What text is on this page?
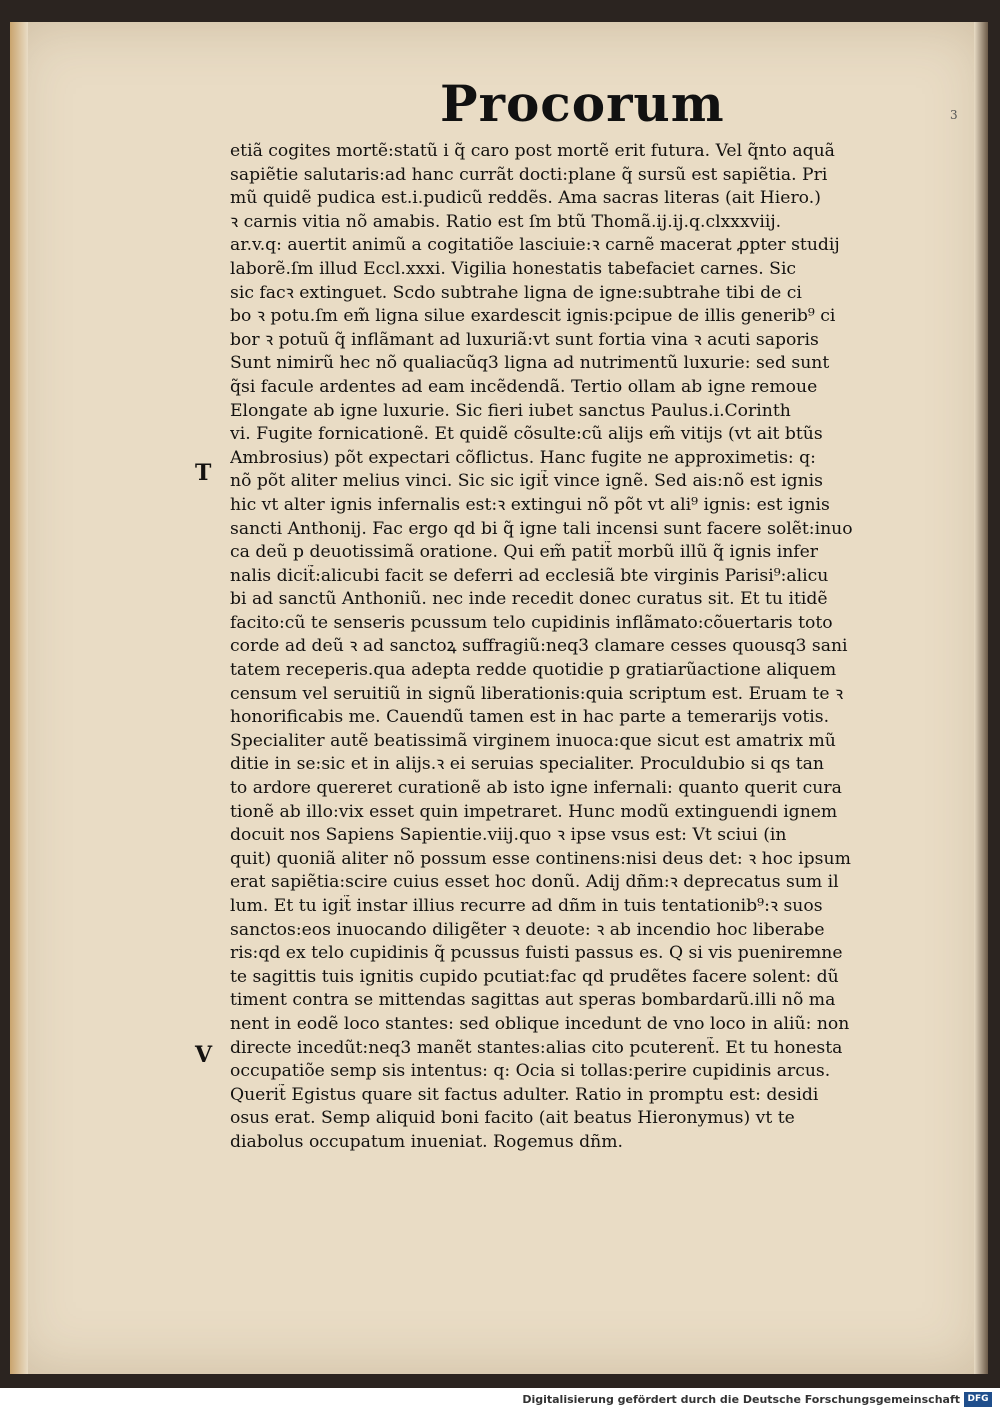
Procorum	3
T
V
etiã cogites mortẽ:statũ i q̃ caro post mortẽ erit futura. Vel q̃nto aquã
sapiẽtie salutaris:ad hanc currãt docti:plane q̃ sursũ est sapiẽtia. Pri
mũ quidẽ pudica est.i.pudicũ reddẽs. Ama sacras literas (ait Hiero.)
ꝛ carnis vitia nõ amabis. Ratio est ſm btũ Thomã.ij.ij.q.clxxxviij.
ar.v.q: auertit animũ a cogitatiõe lasciuie:ꝛ carnẽ macerat ꝓpter studij
laborẽ.ſm illud Eccl.xxxi. Vigilia honestatis tabefaciet carnes. Sic
sic facꝛ extinguet. Scdo subtrahe ligna de igne:subtrahe tibi de ci
bo ꝛ potu.ſm em̃ ligna silue exardescit ignis:pcipue de illis generib⁹ ci
bor ꝛ potuũ q̃ inflãmant ad luxuriã:vt sunt fortia vina ꝛ acuti saporis
Sunt nimirũ hec nõ qualiacũq3 ligna ad nutrimentũ luxurie: sed sunt
q̃si facule ardentes ad eam incẽdendã. Tertio ollam ab igne remoue
Elongate ab igne luxurie. Sic fieri iubet sanctus Paulus.i.Corinth
vi. Fugite fornicationẽ. Et quidẽ cõsulte:cũ alijs em̃ vitijs (vt ait btũs
Ambrosius) põt expectari cõflictus. Hanc fugite ne approximetis: q:
nõ põt aliter melius vinci. Sic sic igit̃ vince ignẽ. Sed ais:nõ est ignis
hic vt alter ignis infernalis est:ꝛ extingui nõ põt vt ali⁹ ignis: est ignis
sancti Anthonij. Fac ergo qd bi q̃ igne tali incensi sunt facere solẽt:inuo
ca deũ p deuotissimã oratione. Qui em̃ patit̃ morbũ illũ q̃ ignis infer
nalis dicit̃:alicubi facit se deferri ad ecclesiã bte virginis Parisi⁹:alicu
bi ad sanctũ Anthoniũ. nec inde recedit donec curatus sit. Et tu itidẽ
facito:cũ te senseris pcussum telo cupidinis inflãmato:cõuertaris toto
corde ad deũ ꝛ ad sanctoꝝ suffragiũ:neq3 clamare cesses quousq3 sani
tatem receperis.qua adepta redde quotidie p gratiarũactione aliquem
censum vel seruitiũ in signũ liberationis:quia scriptum est. Eruam te ꝛ
honorificabis me. Cauendũ tamen est in hac parte a temerarijs votis.
Specialiter autẽ beatissimã virginem inuoca:que sicut est amatrix mũ
ditie in se:sic et in alijs.ꝛ ei seruias specialiter. Proculdubio si qs tan
to ardore quereret curationẽ ab isto igne infernali: quanto querit cura
tionẽ ab illo:vix esset quin impetraret. Hunc modũ extinguendi ignem
docuit nos Sapiens Sapientie.viij.quo ꝛ ipse vsus est: Vt sciui (in
quit) quoniã aliter nõ possum esse continens:nisi deus det: ꝛ hoc ipsum
erat sapiẽtia:scire cuius esset hoc donũ. Adij dñm:ꝛ deprecatus sum il
lum. Et tu igit̃ instar illius recurre ad dñm in tuis tentationib⁹:ꝛ suos
sanctos:eos inuocando diligẽter ꝛ deuote: ꝛ ab incendio hoc liberabe
ris:qd ex telo cupidinis q̃ pcussus fuisti passus es. Q si vis pueniremne
te sagittis tuis ignitis cupido pcutiat:fac qd prudẽtes facere solent: dũ
timent contra se mittendas sagittas aut speras bombardarũ.illi nõ ma
nent in eodẽ loco stantes: sed oblique incedunt de vno loco in aliũ: non
directe incedũt:neq3 manẽt stantes:alias cito pcuterent̃. Et tu honesta
occupatiõe semp sis intentus: q: Ocia si tollas:perire cupidinis arcus.
Querit̃ Egistus quare sit factus adulter. Ratio in promptu est: desidi
osus erat. Semp aliquid boni facito (ait beatus Hieronymus) vt te
diabolus occupatum inueniat. Rogemus dñm.
Digitalisierung gefördert durch die Deutsche Forschungsgemeinschaft DFG
